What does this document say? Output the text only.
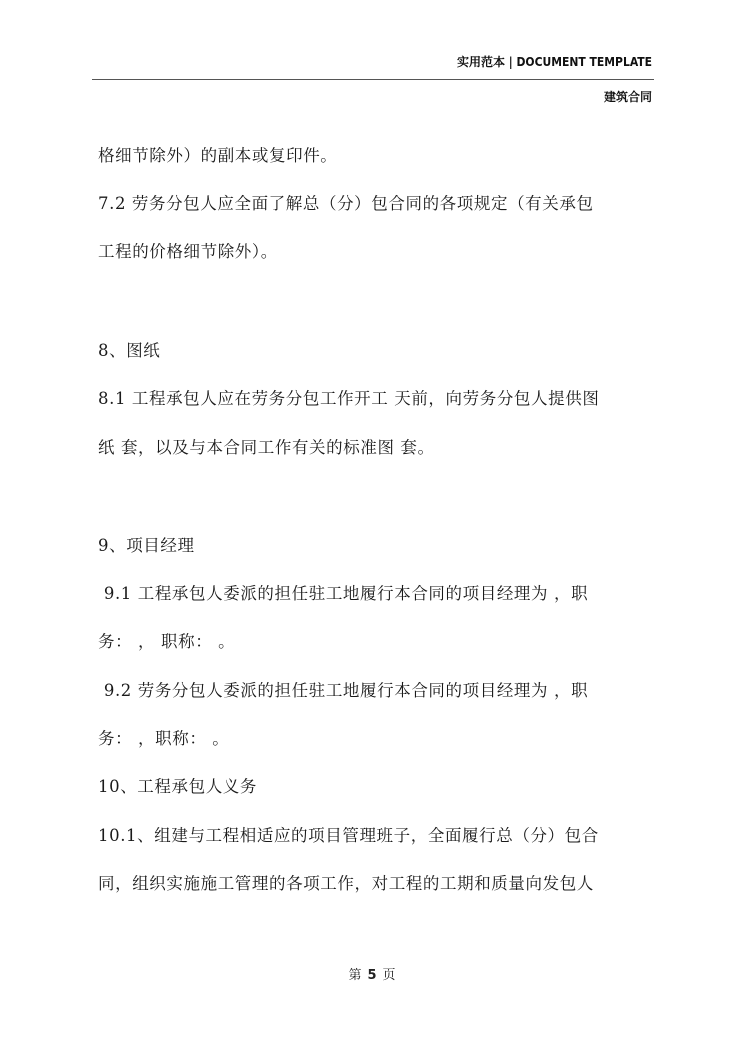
实用范本 | DOCUMENT TEMPLATE
建筑合同
格细节除外）的副本或复印件。
7.2 劳务分包人应全面了解总（分）包合同的各项规定（有关承包
工程的价格细节除外）。
8、图纸
8.1 工程承包人应在劳务分包工作开工 天前，向劳务分包人提供图
纸 套，以及与本合同工作有关的标准图 套。
9、项目经理
9.1 工程承包人委派的担任驻工地履行本合同的项目经理为 ，职
务： ， 职称： 。
9.2 劳务分包人委派的担任驻工地履行本合同的项目经理为 ，职
务： ，职称： 。
10、工程承包人义务
10.1、组建与工程相适应的项目管理班子，全面履行总（分）包合
同，组织实施施工管理的各项工作，对工程的工期和质量向发包人
第 5 页
